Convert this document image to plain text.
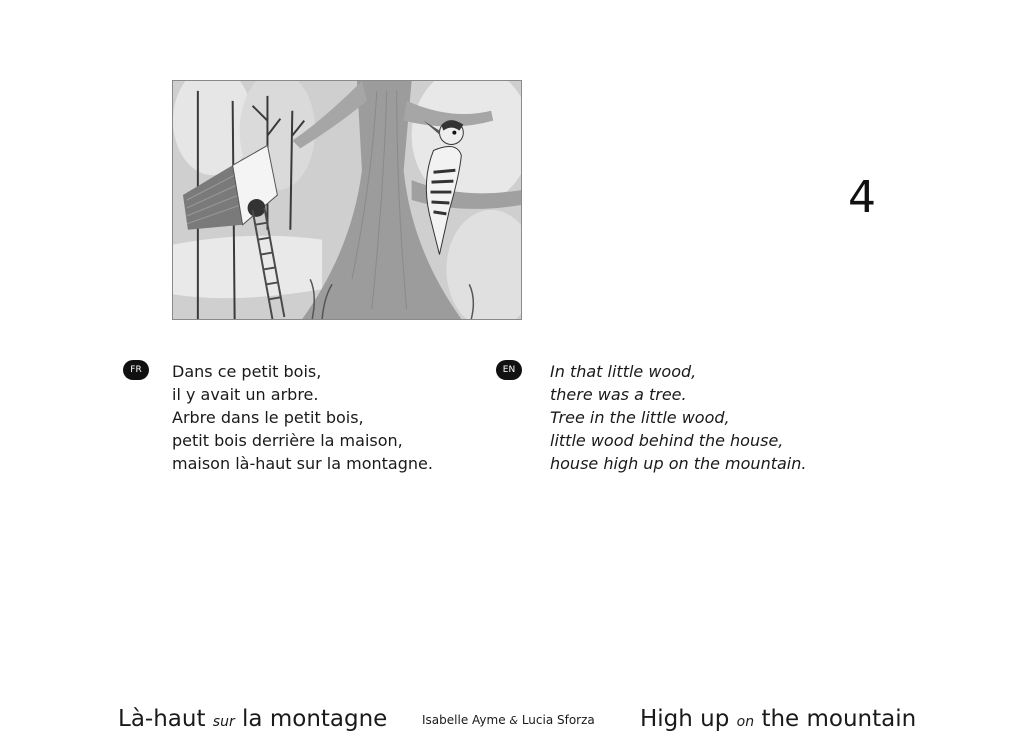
4
FR	Dans ce petit bois,
il y avait un arbre.
Arbre dans le petit bois,
petit bois derrière la maison,
maison là-haut sur la montagne.
EN	In that little wood,
there was a tree.
Tree in the little wood,
little wood behind the house,
house high up on the mountain.
Là-haut sur la montagne	Isabelle Ayme & Lucia Sforza High up on the mountain
